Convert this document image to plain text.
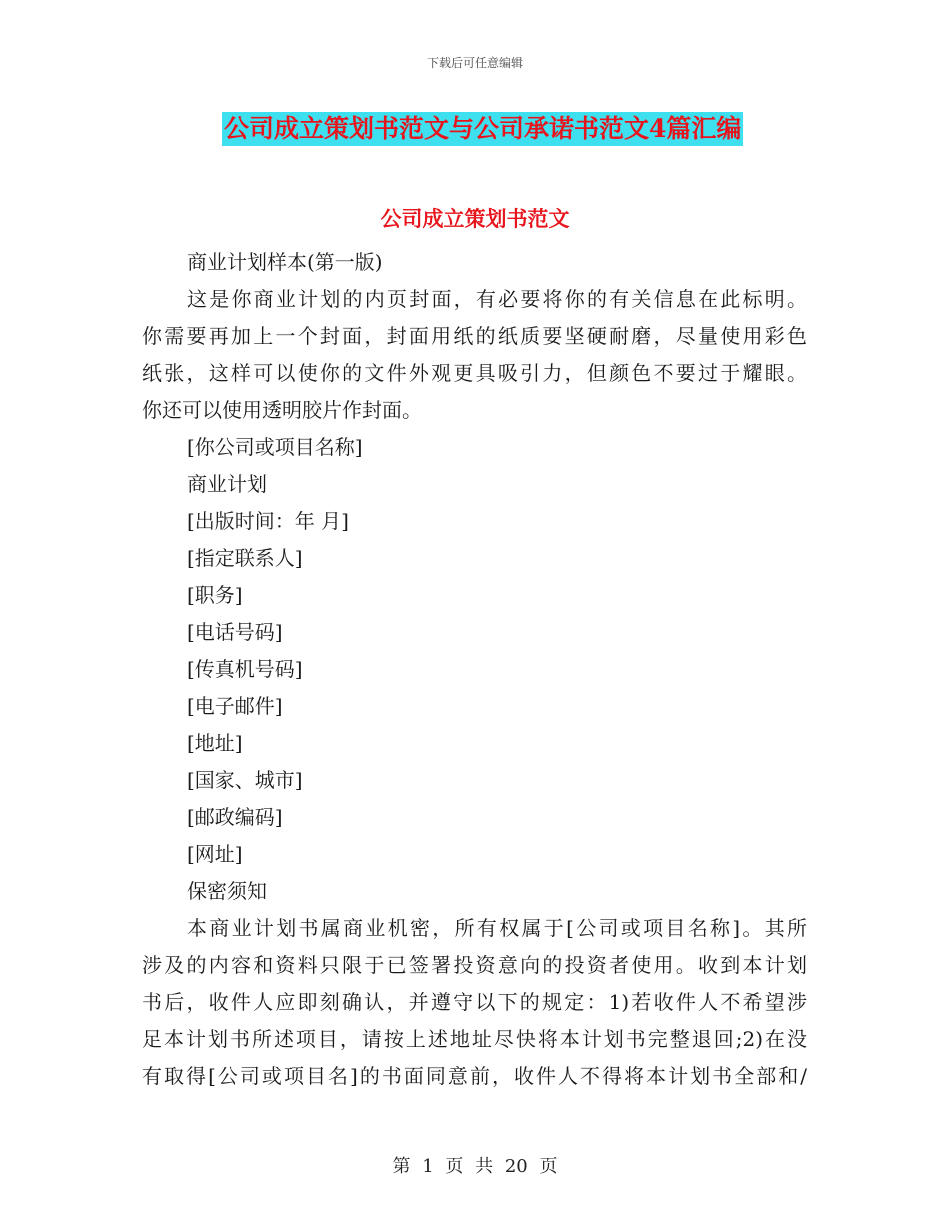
下载后可任意编辑
公司成立策划书范文与公司承诺书范文4篇汇编
公司成立策划书范文
商业计划样本(第一版)
这是你商业计划的内页封面，有必要将你的有关信息在此标明。
你需要再加上一个封面，封面用纸的纸质要坚硬耐磨，尽量使用彩色
纸张，这样可以使你的文件外观更具吸引力，但颜色不要过于耀眼。
你还可以使用透明胶片作封面。
[你公司或项目名称]
商业计划
[出版时间：年 月]
[指定联系人]
[职务]
[电话号码]
[传真机号码]
[电子邮件]
[地址]
[国家、城市]
[邮政编码]
[网址]
保密须知
本商业计划书属商业机密，所有权属于[公司或项目名称]。其所
涉及的内容和资料只限于已签署投资意向的投资者使用。收到本计划
书后，收件人应即刻确认，并遵守以下的规定：1)若收件人不希望涉
足本计划书所述项目，请按上述地址尽快将本计划书完整退回;2)在没
有取得[公司或项目名]的书面同意前，收件人不得将本计划书全部和/
第 1 页 共 20 页
